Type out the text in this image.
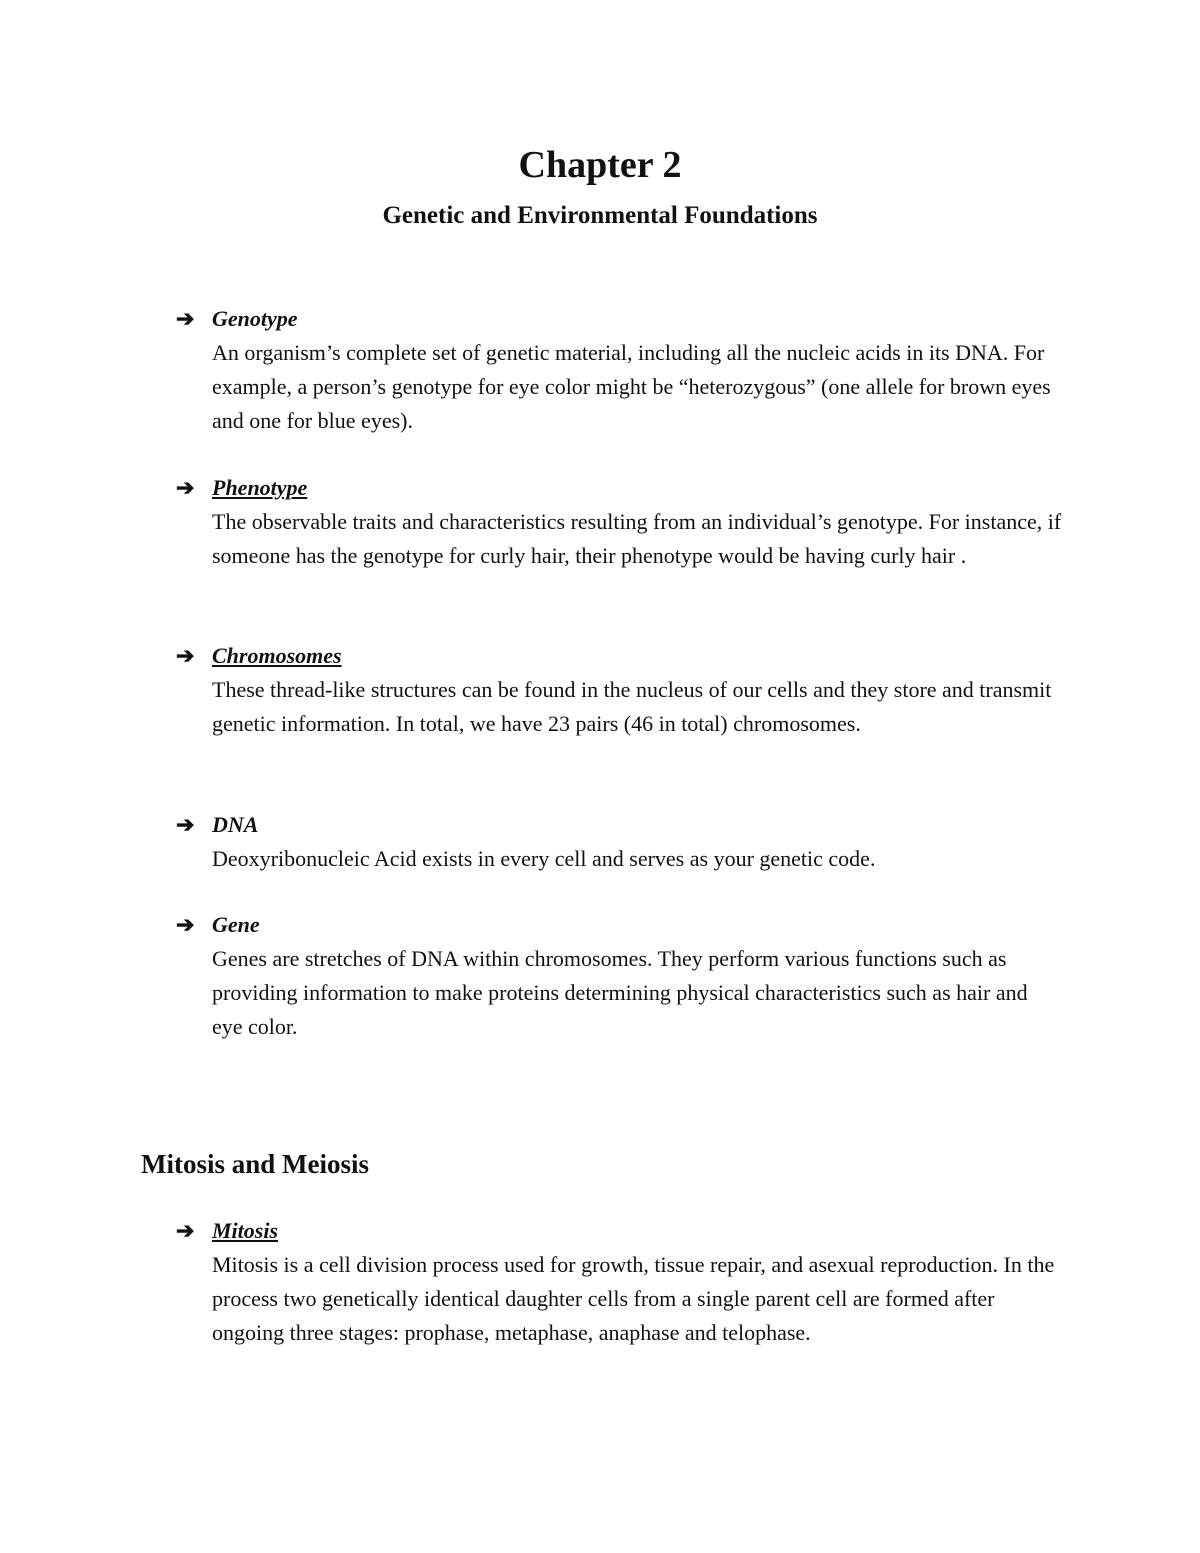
Chapter 2
Genetic and Environmental Foundations
➔ Genotype
An organism’s complete set of genetic material, including all the nucleic acids in its DNA. For example, a person’s genotype for eye color might be “heterozygous” (one allele for brown eyes and one for blue eyes).
➔ Phenotype
The observable traits and characteristics resulting from an individual’s genotype. For instance, if someone has the genotype for curly hair, their phenotype would be having curly hair .
➔ Chromosomes
These thread-like structures can be found in the nucleus of our cells and they store and transmit genetic information. In total, we have 23 pairs (46 in total) chromosomes.
➔ DNA
Deoxyribonucleic Acid exists in every cell and serves as your genetic code.
➔ Gene
Genes are stretches of DNA within chromosomes. They perform various functions such as providing information to make proteins determining physical characteristics such as hair and eye color.
Mitosis and Meiosis
➔ Mitosis
Mitosis is a cell division process used for growth, tissue repair, and asexual reproduction. In the process two genetically identical daughter cells from a single parent cell are formed after ongoing three stages: prophase, metaphase, anaphase and telophase.
